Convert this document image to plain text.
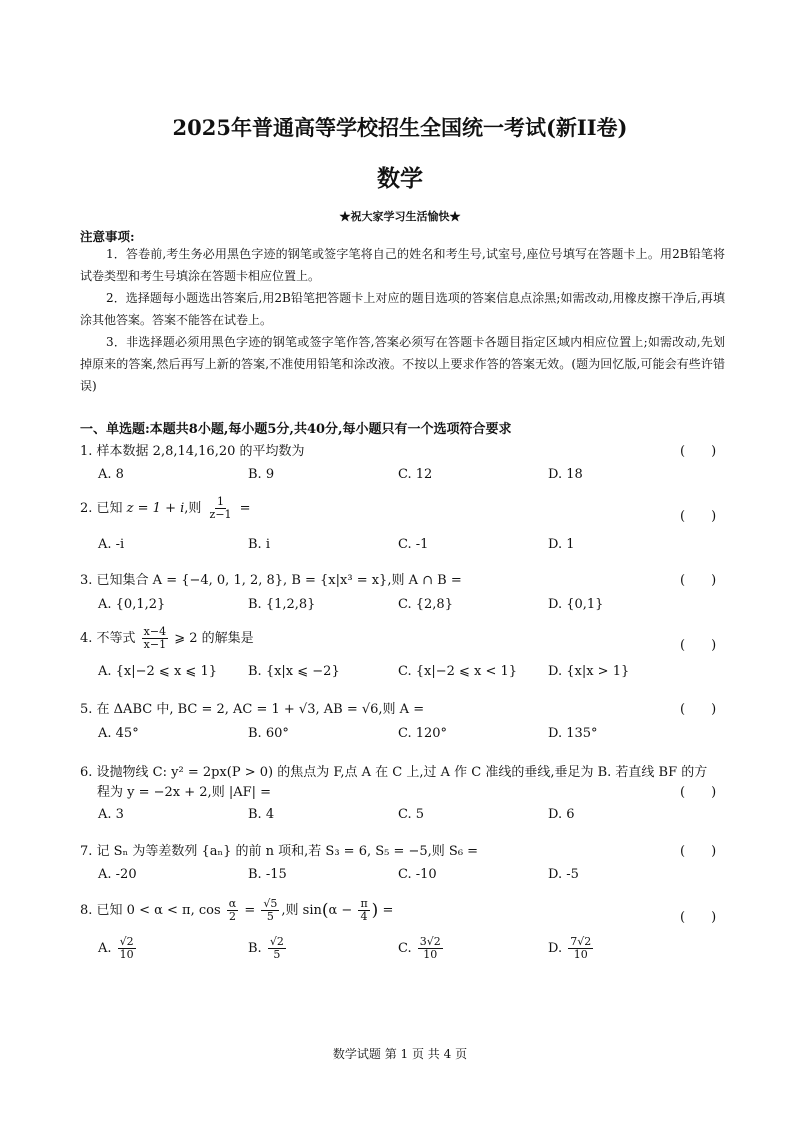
2025年普通高等学校招生全国统一考试(新II卷)
数学
★祝大家学习生活愉快★
注意事项:
1．答卷前,考生务必用黑色字迹的钢笔或签字笔将自己的姓名和考生号,试室号,座位号填写在答题卡上。用2B铅笔将试卷类型和考生号填涂在答题卡相应位置上。
2．选择题每小题选出答案后,用2B铅笔把答题卡上对应的题目选项的答案信息点涂黑;如需改动,用橡皮擦干净后,再填涂其他答案。答案不能答在试卷上。
3．非选择题必须用黑色字迹的钢笔或签字笔作答,答案必须写在答题卡各题目指定区域内相应位置上;如需改动,先划掉原来的答案,然后再写上新的答案,不准使用铅笔和涂改液。不按以上要求作答的答案无效。(题为回忆版,可能会有些许错误)
一、单选题:本题共8小题,每小题5分,共40分,每小题只有一个选项符合要求
1. 样本数据 2,8,14,16,20 的平均数为	(　　)
A. 8	B. 9	C. 12	D. 18
2. 已知 z = 1 + i,则 $\frac{1}{z-1}$ =
(　　)
A. -i	B. i	C. -1	D. 1
3. 已知集合 A = {−4, 0, 1, 2, 8}, B = {x|x³ = x},则 A ∩ B =	(　　)
A. {0,1,2}	B. {1,2,8}	C. {2,8}	D. {0,1}
4. 不等式 $\frac{x-4}{x-1}$ ⩾ 2 的解集是	(　　)
A. {x|−2 ⩽ x ⩽ 1} B. {x|x ⩽ −2}	C. {x|−2 ⩽ x < 1} D. {x|x > 1}
5. 在 ΔABC 中, BC = 2, AC = 1 + √3, AB = √6,则 A =	(　　)
A. 45°	B. 60°	C. 120°	D. 135°
6. 设抛物线 C: y² = 2px(P > 0) 的焦点为 F,点 A 在 C 上,过 A 作 C 准线的垂线,垂足为 B. 若直线 BF 的方
程为 y = −2x + 2,则 |AF| =	(　　)
A. 3	B. 4	C. 5	D. 6
7. 记 Sₙ 为等差数列 {aₙ} 的前 n 项和,若 S₃ = 6, S₅ = −5,则 S₆ =	(　　)
A. -20	B. -15	C. -10	D. -5
8. 已知 0 < α < π, $\cos \frac{\alpha}{2} = \frac{√5}{5}$ ,则 $\sin(\alpha - \frac{\pi}{4}$ ) =	(　　)
A. $\frac{√2}{10}$	B. $\frac{√2}{5}$	C. $\frac{3√2}{10}$	D. $\frac{7√2}{10}$
数学试题 第 1 页 共 4 页
